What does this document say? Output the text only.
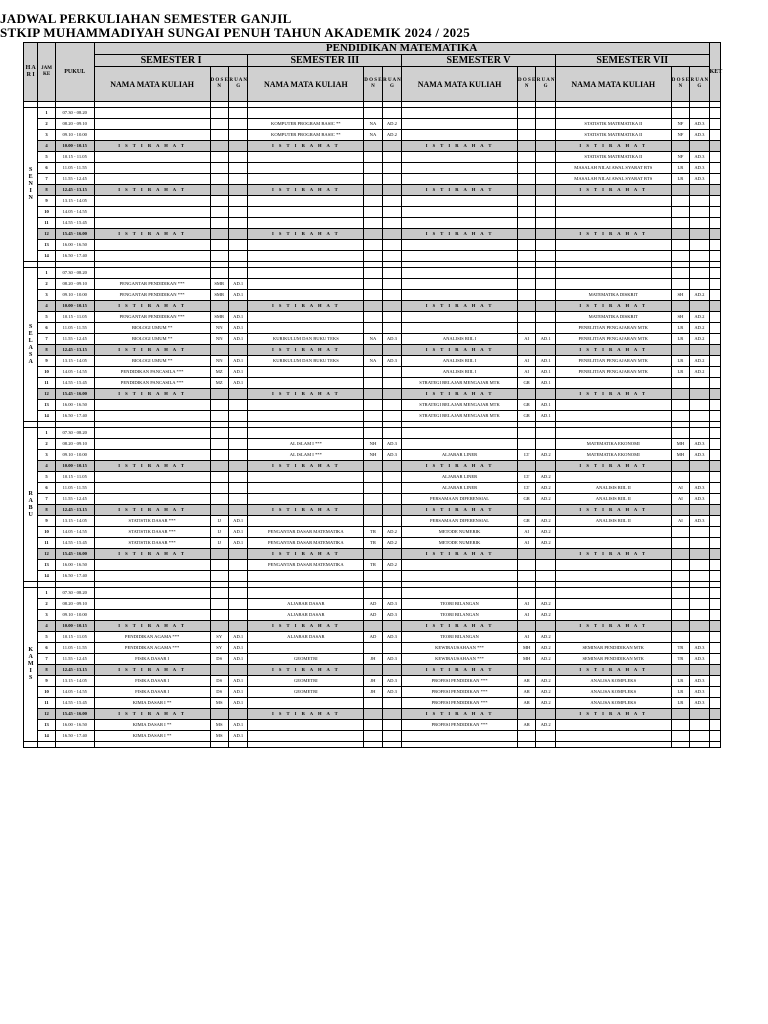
JADWAL PERKULIAHAN SEMESTER GANJIL
STKIP MUHAMMADIYAH SUNGAI PENUH TAHUN AKADEMIK 2024 / 2025
H A R I	JAM KE	PUKUL	PENDIDIKAN MATEMATIKA												KET
			SEMESTER I			SEMESTER III			SEMESTER V			SEMESTER VII			
			NAMA MATA KULIAH	D O S E N	R U A N G	NAMA MATA KULIAH	D O S E N	R U A N G	NAMA MATA KULIAH	D O S E N	R U A N G	NAMA MATA KULIAH	D O S E N	R U A N G	

S E N I N	1	07.30 - 08.20													
	2	08.20 - 09.10				KOMPUTER PROGRAM BASIC **	NA	AD.2				STATISTIK MATEMATIKA II	NF	AD.3	
	3	09.10 - 10.00				KOMPUTER PROGRAM BASIC **	NA	AD.2				STATISTIK MATEMATIKA II	NF	AD.3	
	4	10.00 - 10.15	I S T I R A H A T			I S T I R A H A T			I S T I R A H A T			I S T I R A H A T			
	5	10.15 - 11.05										STATISTIK MATEMATIKA II	NF	AD.3	
	6	11.05 - 11.55										MASALAH NILAI AWAL SYARAT BTS	LR	AD.3	
	7	11.55 - 12.45										MASALAH NILAI AWAL SYARAT BTS	LR	AD.3	
	8	12.45 - 13.15	I S T I R A H A T			I S T I R A H A T			I S T I R A H A T			I S T I R A H A T			
	9	13.15 - 14.05													
	10	14.05 - 14.55													
	11	14.55 - 15.45													
	12	15.45 - 16.00	I S T I R A H A T			I S T I R A H A T			I S T I R A H A T			I S T I R A H A T			
	13	16.00 - 16.50													
	14	16.50 - 17.40													

S E L A S A	1	07.30 - 08.20													
	2	08.20 - 09.10	PENGANTAR PENDIDIKAN ***	SMR	AD.1										
	3	09.10 - 10.00	PENGANTAR PENDIDIKAN ***	SMR	AD.1							MATEMATIKA DISKRIT	SH	AD.2	
	4	10.00 - 10.15	I S T I R A H A T			I S T I R A H A T			I S T I R A H A T			I S T I R A H A T			
	5	10.15 - 11.05	PENGANTAR PENDIDIKAN ***	SMR	AD.1							MATEMATIKA DISKRIT	SH	AD.2	
	6	11.05 - 11.55	BIOLOGI UMUM **	NN	AD.1							PENELITIAN PENGAJARAN MTK	LR	AD.2	
	7	11.55 - 12.45	BIOLOGI UMUM **	NN	AD.1	KURIKULUM DAN BUKU TEKS	NA	AD.3	ANALISIS RIIL I	AI	AD.1	PENELITIAN PENGAJARAN MTK	LR	AD.2	
	8	12.45 - 13.15	I S T I R A H A T			I S T I R A H A T			I S T I R A H A T			I S T I R A H A T			
	9	13.15 - 14.05	BIOLOGI UMUM **	NN	AD.1	KURIKULUM DAN BUKU TEKS	NA	AD.3	ANALISIS RIIL I	AI	AD.1	PENELITIAN PENGAJARAN MTK	LR	AD.2	
	10	14.05 - 14.55	PENDIDIKAN PANCASILA ***	MZ	AD.1				ANALISIS RIIL I	AI	AD.1	PENELITIAN PENGAJARAN MTK	LR	AD.2	
	11	14.55 - 15.45	PENDIDIKAN PANCASILA ***	MZ	AD.1				STRATEGI BELAJAR MENGAJAR MTK	GR	AD.1				
	12	15.45 - 16.00	I S T I R A H A T			I S T I R A H A T			I S T I R A H A T			I S T I R A H A T			
	13	16.00 - 16.50							STRATEGI BELAJAR MENGAJAR MTK	GR	AD.1				
	14	16.50 - 17.40							STRATEGI BELAJAR MENGAJAR MTK	GR	AD.1				

R A B U	1	07.30 - 08.20													
	2	08.20 - 09.10				AL ISLAM I ***	NH	AD.3				MATEMATIKA EKONOMI	MH	AD.3	
	3	09.10 - 10.00				AL ISLAM I ***	NH	AD.3	ALJABAR LINER	LT	AD.2	MATEMATIKA EKONOMI	MH	AD.3	
	4	10.00 - 10.15	I S T I R A H A T			I S T I R A H A T			I S T I R A H A T			I S T I R A H A T			
	5	10.15 - 11.05							ALJABAR LINER	LT	AD.2				
	6	11.05 - 11.55							ALJABAR LINER	LT	AD.2	ANALISIS RIIL II	AI	AD.3	
	7	11.55 - 12.45							PERSAMAAN DIFERENSIAL	GR	AD.2	ANALISIS RIIL II	AI	AD.3	
	8	12.45 - 13.15	I S T I R A H A T			I S T I R A H A T			I S T I R A H A T			I S T I R A H A T			
	9	13.15 - 14.05	STATISTIK DASAR ***	IJ	AD.1				PERSAMAAN DIFERENSIAL	GR	AD.2	ANALISIS RIIL II	AI	AD.3	
	10	14.05 - 14.55	STATISTIK DASAR ***	IJ	AD.1	PENGANTAR DASAR MATEMATIKA	TR	AD.2	METODE NUMERIK	AI	AD.2				
	11	14.55 - 15.45	STATISTIK DASAR ***	IJ	AD.1	PENGANTAR DASAR MATEMATIKA	TR	AD.2	METODE NUMERIK	AI	AD.2				
	12	15.45 - 16.00	I S T I R A H A T			I S T I R A H A T			I S T I R A H A T			I S T I R A H A T			
	13	16.00 - 16.50				PENGANTAR DASAR MATEMATIKA	TR	AD.2							
	14	16.50 - 17.40													

K A M I S	1	07.30 - 08.20													
	2	08.20 - 09.10				ALJABAR DASAR	AD	AD.3	TEORI BILANGAN	AI	AD.2				
	3	09.10 - 10.00				ALJABAR DASAR	AD	AD.3	TEORI BILANGAN	AI	AD.2				
	4	10.00 - 10.15	I S T I R A H A T			I S T I R A H A T			I S T I R A H A T			I S T I R A H A T			
	5	10.15 - 11.05	PENDIDIKAN AGAMA ***	SY	AD.1	ALJABAR DASAR	AD	AD.3	TEORI BILANGAN	AI	AD.2				
	6	11.05 - 11.55	PENDIDIKAN AGAMA ***	SY	AD.1				KEWIRAUSAHAAN ***	MH	AD.2	SEMINAR PENDIDIKAN MTK	TR	AD.3	
	7	11.55 - 12.45	FISIKA DASAR I	DS	AD.1	GEOMETRI	JH	AD.3	KEWIRAUSAHAAN ***	MH	AD.2	SEMINAR PENDIDIKAN MTK	TR	AD.3	
	8	12.45 - 13.15	I S T I R A H A T			I S T I R A H A T			I S T I R A H A T			I S T I R A H A T			
	9	13.15 - 14.05	FISIKA DASAR I	DS	AD.1	GEOMETRI	JH	AD.3	PROFESI PENDIDIKAN ***	AR	AD.2	ANALISA KOMPLEKS	LR	AD.3	
	10	14.05 - 14.55	FISIKA DASAR I	DS	AD.1	GEOMETRI	JH	AD.3	PROFESI PENDIDIKAN ***	AR	AD.2	ANALISA KOMPLEKS	LR	AD.3	
	11	14.55 - 15.45	KIMIA DASAR I **	MS	AD.1				PROFESI PENDIDIKAN ***	AR	AD.2	ANALISA KOMPLEKS	LR	AD.3	
	12	15.45 - 16.00	I S T I R A H A T			I S T I R A H A T			I S T I R A H A T			I S T I R A H A T			
	13	16.00 - 16.50	KIMIA DASAR I **	MS	AD.1				PROFESI PENDIDIKAN ***	AR	AD.2				
	14	16.50 - 17.40	KIMIA DASAR I **	MS	AD.1										
